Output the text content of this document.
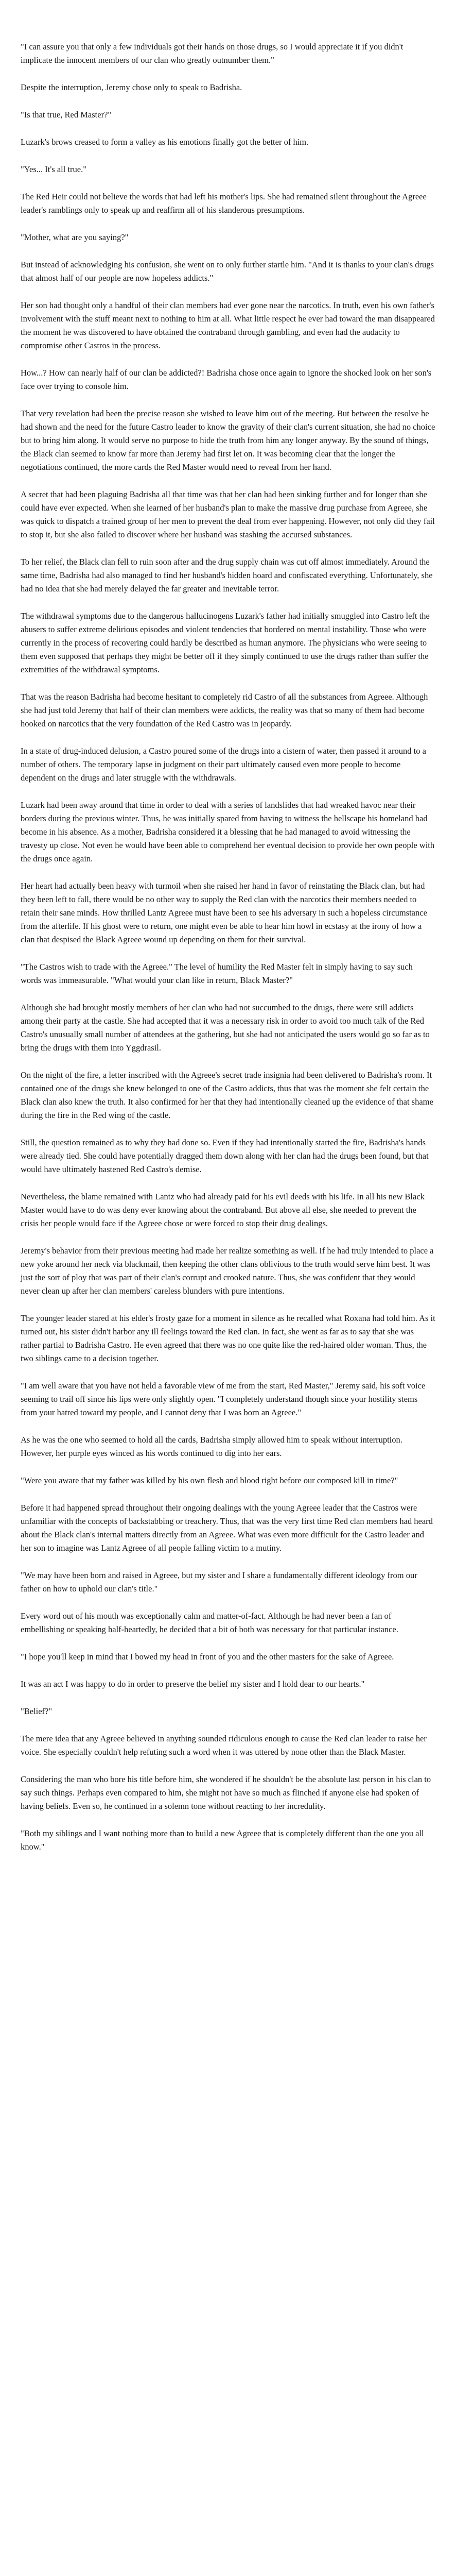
"I can assure you that only a few individuals got their hands on those drugs, so I would appreciate it if you didn't implicate the innocent members of our clan who greatly outnumber them."

Despite the interruption, Jeremy chose only to speak to Badrisha.

"Is that true, Red Master?"

Luzark's brows creased to form a valley as his emotions finally got the better of him.

"Yes... It's all true."

The Red Heir could not believe the words that had left his mother's lips. She had remained silent throughout the Agreee leader's ramblings only to speak up and reaffirm all of his slanderous presumptions.

"Mother, what are you saying?"

But instead of acknowledging his confusion, she went on to only further startle him. "And it is thanks to your clan's drugs that almost half of our people are now hopeless addicts."

Her son had thought only a handful of their clan members had ever gone near the narcotics. In truth, even his own father's involvement with the stuff meant next to nothing to him at all. What little respect he ever had toward the man disappeared the moment he was discovered to have obtained the contraband through gambling, and even had the audacity to compromise other Castros in the process.

How...? How can nearly half of our clan be addicted?! Badrisha chose once again to ignore the shocked look on her son's face over trying to console him.

That very revelation had been the precise reason she wished to leave him out of the meeting. But between the resolve he had shown and the need for the future Castro leader to know the gravity of their clan's current situation, she had no choice but to bring him along. It would serve no purpose to hide the truth from him any longer anyway. By the sound of things, the Black clan seemed to know far more than Jeremy had first let on. It was becoming clear that the longer the negotiations continued, the more cards the Red Master would need to reveal from her hand.

A secret that had been plaguing Badrisha all that time was that her clan had been sinking further and for longer than she could have ever expected. When she learned of her husband's plan to make the massive drug purchase from Agreee, she was quick to dispatch a trained group of her men to prevent the deal from ever happening. However, not only did they fail to stop it, but she also failed to discover where her husband was stashing the accursed substances.

To her relief, the Black clan fell to ruin soon after and the drug supply chain was cut off almost immediately. Around the same time, Badrisha had also managed to find her husband's hidden hoard and confiscated everything. Unfortunately, she had no idea that she had merely delayed the far greater and inevitable terror.

The withdrawal symptoms due to the dangerous hallucinogens Luzark's father had initially smuggled into Castro left the abusers to suffer extreme delirious episodes and violent tendencies that bordered on mental instability. Those who were currently in the process of recovering could hardly be described as human anymore. The physicians who were seeing to them even supposed that perhaps they might be better off if they simply continued to use the drugs rather than suffer the extremities of the withdrawal symptoms.

That was the reason Badrisha had become hesitant to completely rid Castro of all the substances from Agreee. Although she had just told Jeremy that half of their clan members were addicts, the reality was that so many of them had become hooked on narcotics that the very foundation of the Red Castro was in jeopardy.

In a state of drug-induced delusion, a Castro poured some of the drugs into a cistern of water, then passed it around to a number of others. The temporary lapse in judgment on their part ultimately caused even more people to become dependent on the drugs and later struggle with the withdrawals.

Luzark had been away around that time in order to deal with a series of landslides that had wreaked havoc near their borders during the previous winter. Thus, he was initially spared from having to witness the hellscape his homeland had become in his absence. As a mother, Badrisha considered it a blessing that he had managed to avoid witnessing the travesty up close. Not even he would have been able to comprehend her eventual decision to provide her own people with the drugs once again.

Her heart had actually been heavy with turmoil when she raised her hand in favor of reinstating the Black clan, but had they been left to fall, there would be no other way to supply the Red clan with the narcotics their members needed to retain their sane minds. How thrilled Lantz Agreee must have been to see his adversary in such a hopeless circumstance from the afterlife. If his ghost were to return, one might even be able to hear him howl in ecstasy at the irony of how a clan that despised the Black Agreee wound up depending on them for their survival.

"The Castros wish to trade with the Agreee." The level of humility the Red Master felt in simply having to say such words was immeasurable. "What would your clan like in return, Black Master?"

Although she had brought mostly members of her clan who had not succumbed to the drugs, there were still addicts among their party at the castle. She had accepted that it was a necessary risk in order to avoid too much talk of the Red Castro's unusually small number of attendees at the gathering, but she had not anticipated the users would go so far as to bring the drugs with them into Yggdrasil.

On the night of the fire, a letter inscribed with the Agreee's secret trade insignia had been delivered to Badrisha's room. It contained one of the drugs she knew belonged to one of the Castro addicts, thus that was the moment she felt certain the Black clan also knew the truth. It also confirmed for her that they had intentionally cleaned up the evidence of that shame during the fire in the Red wing of the castle.

Still, the question remained as to why they had done so. Even if they had intentionally started the fire, Badrisha's hands were already tied. She could have potentially dragged them down along with her clan had the drugs been found, but that would have ultimately hastened Red Castro's demise.

Nevertheless, the blame remained with Lantz who had already paid for his evil deeds with his life. In all his new Black Master would have to do was deny ever knowing about the contraband. But above all else, she needed to prevent the crisis her people would face if the Agreee chose or were forced to stop their drug dealings.

Jeremy's behavior from their previous meeting had made her realize something as well. If he had truly intended to place a new yoke around her neck via blackmail, then keeping the other clans oblivious to the truth would serve him best. It was just the sort of ploy that was part of their clan's corrupt and crooked nature. Thus, she was confident that they would never clean up after her clan members' careless blunders with pure intentions.

The younger leader stared at his elder's frosty gaze for a moment in silence as he recalled what Roxana had told him. As it turned out, his sister didn't harbor any ill feelings toward the Red clan. In fact, she went as far as to say that she was rather partial to Badrisha Castro. He even agreed that there was no one quite like the red-haired older woman. Thus, the two siblings came to a decision together.

"I am well aware that you have not held a favorable view of me from the start, Red Master," Jeremy said, his soft voice seeming to trail off since his lips were only slightly open. "I completely understand though since your hostility stems from your hatred toward my people, and I cannot deny that I was born an Agreee."

As he was the one who seemed to hold all the cards, Badrisha simply allowed him to speak without interruption. However, her purple eyes winced as his words continued to dig into her ears.

"Were you aware that my father was killed by his own flesh and blood right before our composed kill in time?"

Before it had happened spread throughout their ongoing dealings with the young Agreee leader that the Castros were unfamiliar with the concepts of backstabbing or treachery. Thus, that was the very first time Red clan members had heard about the Black clan's internal matters directly from an Agreee. What was even more difficult for the Castro leader and her son to imagine was Lantz Agreee of all people falling victim to a mutiny.

"We may have been born and raised in Agreee, but my sister and I share a fundamentally different ideology from our father on how to uphold our clan's title."

Every word out of his mouth was exceptionally calm and matter-of-fact. Although he had never been a fan of embellishing or speaking half-heartedly, he decided that a bit of both was necessary for that particular instance.

"I hope you'll keep in mind that I bowed my head in front of you and the other masters for the sake of Agreee.

It was an act I was happy to do in order to preserve the belief my sister and I hold dear to our hearts."

"Belief?"

The mere idea that any Agreee believed in anything sounded ridiculous enough to cause the Red clan leader to raise her voice. She especially couldn't help refuting such a word when it was uttered by none other than the Black Master.

Considering the man who bore his title before him, she wondered if he shouldn't be the absolute last person in his clan to say such things. Perhaps even compared to him, she might not have so much as flinched if anyone else had spoken of having beliefs. Even so, he continued in a solemn tone without reacting to her incredulity.

"Both my siblings and I want nothing more than to build a new Agreee that is completely different than the one you all know."
